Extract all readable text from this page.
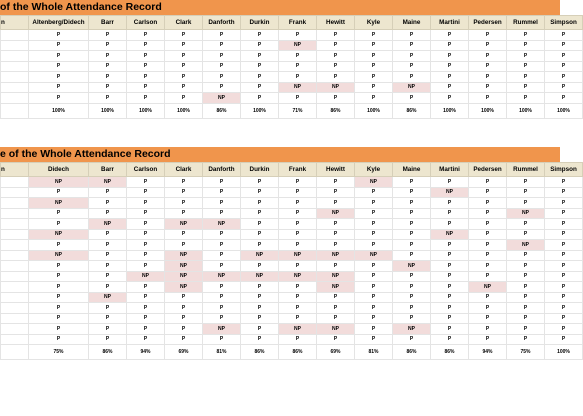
of the Whole Attendance Record
n	Altenberg/Didech	Barr	Carlson	Clark	Danforth	Durkin	Frank	Hewitt	Kyle	Maine	Martini	Pedersen	Rummel	Simpson
	P	P	P	P	P	P	P	P	P	P	P	P	P	P
	P	P	P	P	P	P	NP	P	P	P	P	P	P	P
	P	P	P	P	P	P	P	P	P	P	P	P	P	P
	P	P	P	P	P	P	P	P	P	P	P	P	P	P
	P	P	P	P	P	P	P	P	P	P	P	P	P	P
	P	P	P	P	P	P	NP	NP	P	NP	P	P	P	P
	P	P	P	P	NP	P	P	P	P	P	P	P	P	P
	100%	100%	100%	100%	86%	100%	71%	86%	100%	86%	100%	100%	100%	100%
e of the Whole Attendance Record
n	Didech	Barr	Carlson	Clark	Danforth	Durkin	Frank	Hewitt	Kyle	Maine	Martini	Pedersen	Rummel	Simpson
	NP	NP	P	P	P	P	P	P	NP	P	P	P	P	P
	P	P	P	P	P	P	P	P	P	P	NP	P	P	P
	NP	P	P	P	P	P	P	P	P	P	P	P	P	P
	P	P	P	P	P	P	P	NP	P	P	P	P	NP	P
	P	NP	P	NP	NP	P	P	P	P	P	P	P	P	P
	NP	P	P	P	P	P	P	P	P	P	NP	P	P	P
	P	P	P	P	P	P	P	P	P	P	P	P	NP	P
	NP	P	P	NP	P	NP	NP	NP	NP	P	P	P	P	P
	P	P	P	NP	P	P	P	P	P	NP	P	P	P	P
	P	P	NP	NP	NP	NP	NP	NP	P	P	P	P	P	P
	P	P	P	NP	P	P	P	NP	P	P	P	NP	P	P
	P	NP	P	P	P	P	P	P	P	P	P	P	P	P
	P	P	P	P	P	P	P	P	P	P	P	P	P	P
	P	P	P	P	P	P	P	P	P	P	P	P	P	P
	P	P	P	P	NP	P	NP	NP	P	NP	P	P	P	P
	P	P	P	P	P	P	P	P	P	P	P	P	P	P
	75%	86%	94%	69%	81%	86%	86%	69%	81%	86%	86%	94%	75%	100%
